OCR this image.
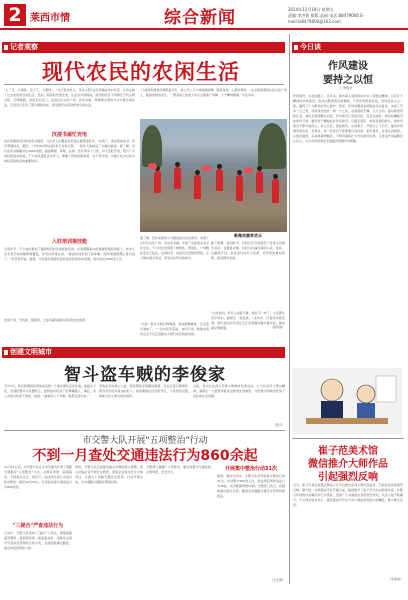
2 莱西市情	综合新闻	2014年12月19日 星期五
责编:李洪智 排版:高丽 电话:88479000 E-mail:lx8479000@163.com
记者观察
现代农民的农闲生活
"入了冬，万事休，这下子，万事休"，"冬日里坐炕头，享受太阳"这些耳熟能详的老话，生动反映了过去农民的冬闲生活。然而，随着时代的发展，生活水平的提高，现代的农民不再满足于炕头晒太阳、打牌喝酒，而是走出家门，走进社区文化广场、农家书屋，用健康文明的方式丰富冬闲生活。记者近日走访了部分镇街村庄，感受现代农民别样的冬闲生活。
"门前绿化健身设施配备齐全，晚上约上几个姐妹跳跳舞、锻炼身体，心情好得很。"在水集街道某社区文化广场上，随着欢快的音乐，一群身着红装的大妈们正跳着广场舞，个个精神饱满，乐在其中。
沉浸书屋忙充电
在店埠镇前店村的农家书屋里，几位老人正戴着老花镜认真阅读报刊。"农闲了，来这里看看书，学学养殖技术，挺好。"今年65岁的村民老王告诉记者，一到冬天他就成了书屋的常客。据了解，该村农家书屋藏书达2000余册，涵盖种植、养殖、法律、医疗等多个门类，每天定时开放，吸引了大批村民前来借阅。不少村民通过读书学习，掌握了新的致富本领。村干部介绍，书屋已成为村民冬闲时获取知识的重要场所。
据了解，近年来我市大力推进农村文化建设，实现了村村有文化广场、有农家书屋，丰富了农民的业余文化生活。不少村庄还组建了秧歌队、锣鼓队、广场舞队等文艺队伍，农闲时节，村民们自发组织排练，走上舞台展示风采，享受文化带来的快乐。
歌舞欢腾享欢乐
除了跳舞，农闲时节，村民们还自发组织了各类文化娱乐活动。在夏格庄镇，村民们自编自演的小品、快板、吕剧等节目，讲述身边的好人好事，宣传党的惠农政策，深受群众欢迎。
"以前农闲，很多人闲着无事，现在不一样了，大家都忙着学知识、搞娱乐、谋发展。"采访中，记者深切感受到，现代农民的冬闲生活正变得越来越丰富多彩，越来越文明健康。	（高建波）
入驻培训提技能
冬闲时节，不少农民参加了镇街组织的各类技能培训。在南墅镇举办的果树管理培训班上，技术人员手把手地讲解修剪要领，学员们听得认真。"参加培训学到了真本事，明年果园管理心里有底了。"学员老李说。据悉，今冬我市将组织各类农民培训班50余期，培训农民3000余人次。
"以前一到冬天就打牌喝酒，现在跳舞健身，生活更有滋味了。"一位村民笑着说，农闲不闲，健康文明的生活方式正逐渐成为现代农民的新风尚。
农闲不闲，学技能、强素质，已成为越来越多农民的自觉选择。
今日谈
作风建设
要持之以恒
□ 申国华
作风建设，永远在路上。近年来，我市深入贯彻落实中央八项规定精神，以钉钉子精神抓作风建设，四风问题得到有效遏制，干部作风明显转变，党风政风为之一新，赢得了广大群众的衷心拥护。然而，作风问题具有顽固性和反复性，冰冻三尺非一日之寒，作风建设绝非一朝一夕之功，必须常抓不懈、久久为功。面对新形势新任务，我们必须清醒认识到，作风建设只有进行时，没有完成时，稍有松懈就可能前功尽弃。要坚持不懈地抓好作风建设，以踏石留印、抓铁有痕的劲头，把作风建设不断引向深入，持之以恒，善始善终，在常和长、严和实上下功夫，推动作风建设常态化、长效化。每一名党员干部都要以身作则、率先垂范，自觉从我做起，从现在做起，从具体事情做起，不断巩固和扩大作风建设成果，以优良作风凝聚党心民心，为全市各项事业发展提供坚强作风保障。
创建文明城市
智斗盗车贼的李俊家
今年5月，新店街道居民李俊家发现一个盗车团伙正在作案。他临危不乱，迅速报警并与民警配合，最终成功抓获了犯罪嫌疑人。事后，有人问他当时害不害怕，他说："看到坏人干坏事，谁都会站出来。"
李俊家平时热心公益，经常帮助邻居解决困难，在社区里口碑很好。群众评价他是身边的好人。他的事迹在社区传开后，大家纷纷点赞，称他为见义勇为的好榜样。
目前，我市正在深入开展文明城市创建活动，大力弘扬见义勇为精神，涌现出一大批像李俊家这样的先进典型，为创建文明城市营造了良好的社会氛围。
（陈平）
市交警大队开展"五项整治"行动
不到一月查处交通违法行为860余起
11月21日起，市交警大队在全市范围内开展了道路交通秩序"五项整治"行动，对酒后驾驶、超速超员、不按规定让行、闯红灯、违法停车等行为进行集中整治。截至12月16日，共查处各类交通违法行为860余起。
"三提合"严查违法行为
行动中，交警大队坚持"三提合"工作法，即提高路面见警率、提高管控率、提高查处率，采取定点值守与流动巡逻相结合的方式，全面加强重点路段、重点时段的管控力度。
同时，交警大队还加强对重点车辆的源头管理，深入运输企业开展安全教育，督促企业落实安全主体责任，从源头上消除交通安全隐患。行动开展以来，全市道路交通秩序明显好转。
交警部门提醒广大驾驶员，要自觉遵守交通法规，文明驾驶，安全出行。	开展集中整治行动31次
据悉，整治行动中，交警大队共开展集中整治行动31次，出动警力900余人次，查处酒后驾驶违法行为45起，其中醉酒驾驶12起。交警部门表示，将继续保持高压态势，确保全市道路交通安全形势持续稳定。
（王志勇）
崔子范美术馆
微信推介大师作品
引起强烈反响
近日，崔子范美术馆通过微信公众平台推出系列大师作品鉴赏，引起社会各界强烈反响。据介绍，该馆微信平台开通以来，陆续推介了崔子范先生的经典作品，并配以详细的作品解读和艺术赏析，受到广大书画爱好者的热烈欢迎，关注人数不断攀升。不少网友留言表示，通过微信平台足不出户就能欣赏到大师精品，既方便又实用。
（李丽丽）
